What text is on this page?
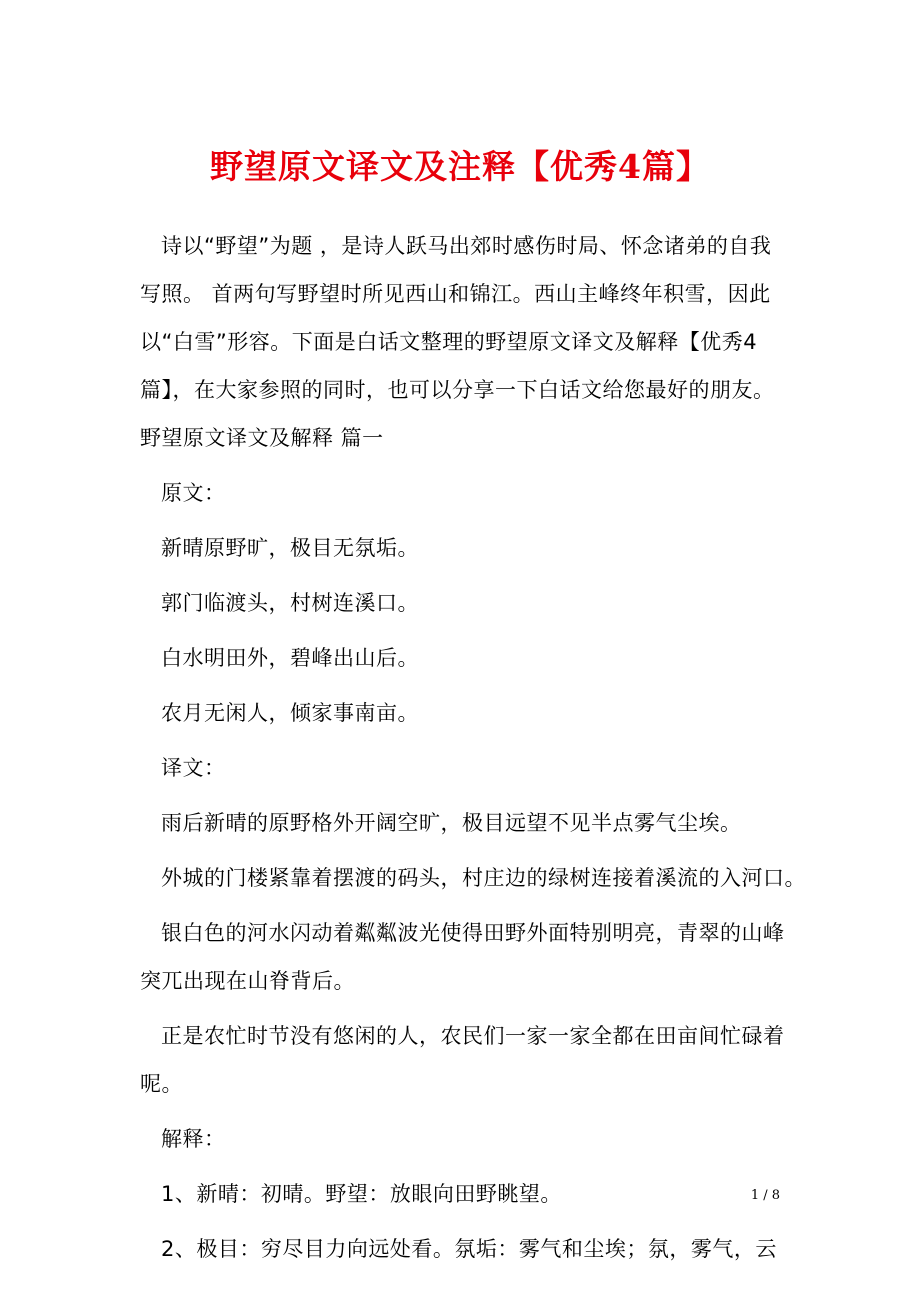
野望原文译文及注释【优秀4篇】
诗以“野望”为题 ，是诗人跃马出郊时感伤时局、怀念诸弟的自我
写照。 首两句写野望时所见西山和锦江。西山主峰终年积雪，因此
以“白雪”形容。下面是白话文整理的野望原文译文及解释【优秀4
篇】，在大家参照的同时，也可以分享一下白话文给您最好的朋友。
野望原文译文及解释 篇一
原文：
新晴原野旷，极目无氛垢。
郭门临渡头，村树连溪口。
白水明田外，碧峰出山后。
农月无闲人，倾家事南亩。
译文：
雨后新晴的原野格外开阔空旷，极目远望不见半点雾气尘埃。
外城的门楼紧靠着摆渡的码头，村庄边的绿树连接着溪流的入河口。
银白色的河水闪动着粼粼波光使得田野外面特别明亮，青翠的山峰
突兀出现在山脊背后。
正是农忙时节没有悠闲的人，农民们一家一家全都在田亩间忙碌着
呢。
解释：
1、新晴：初晴。野望：放眼向田野眺望。
2、极目：穷尽目力向远处看。氛垢：雾气和尘埃；氛，雾气，云
1 / 8
